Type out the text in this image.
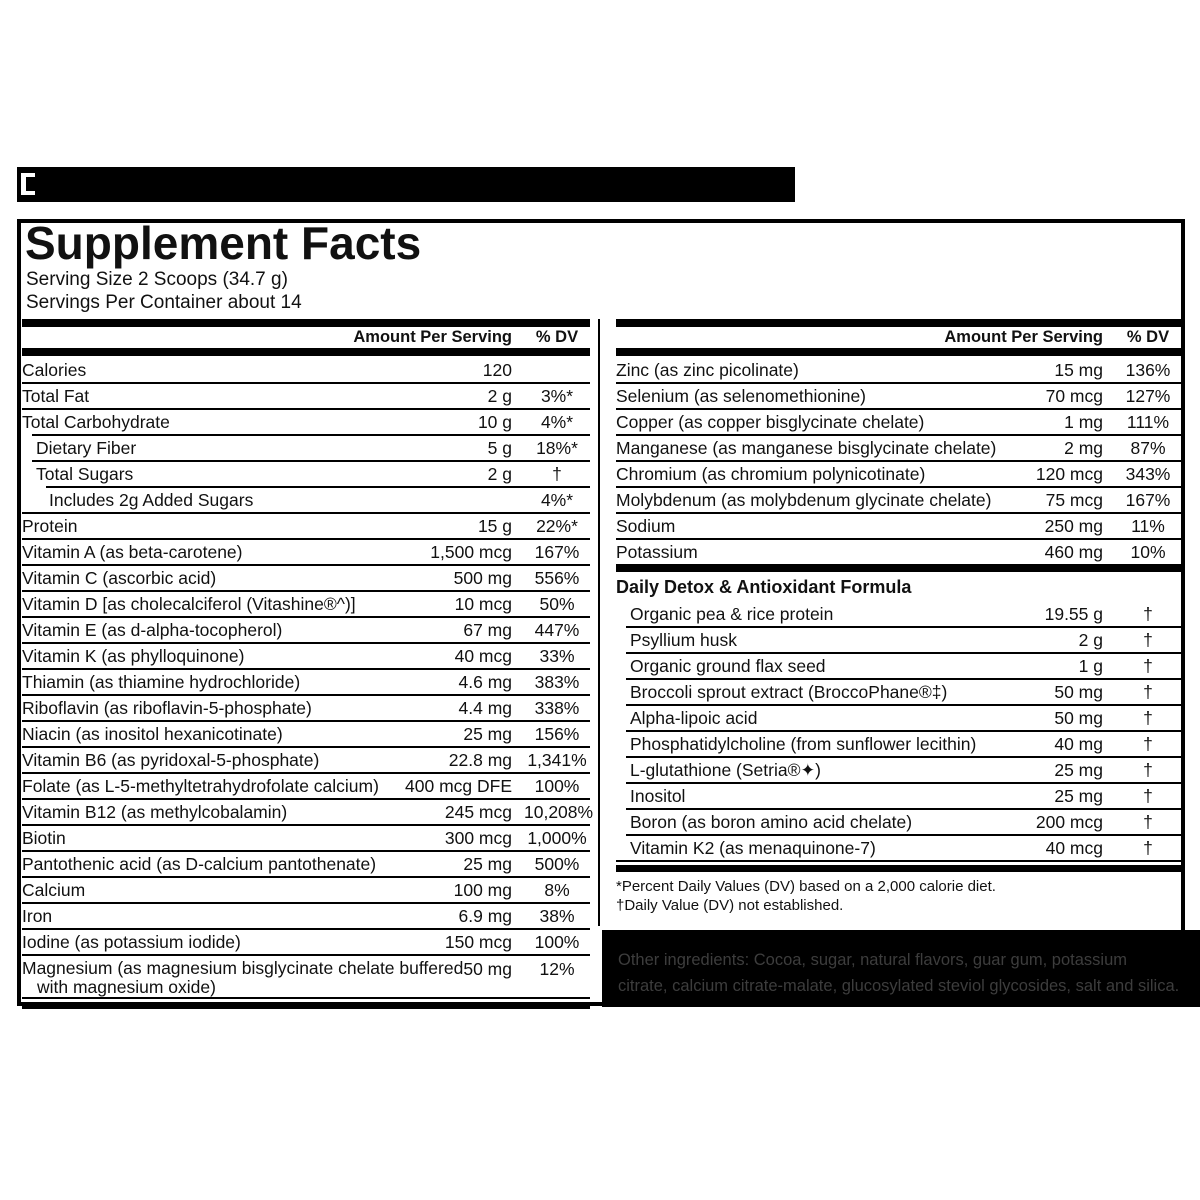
Supplement Facts
Serving Size 2 Scoops (34.7 g)
Servings Per Container about 14
Amount Per Serving	% DV
Calories	120
Total Fat	2 g	3%*
Total Carbohydrate	10 g	4%*
Dietary Fiber	5 g	18%*
Total Sugars	2 g	†
Includes 2g Added Sugars	4%*
Protein	15 g	22%*
Vitamin A (as beta-carotene)	1,500 mcg	167%
Vitamin C (ascorbic acid)	500 mg	556%
Vitamin D [as cholecalciferol (Vitashine®^)]	10 mcg	50%
Vitamin E (as d-alpha-tocopherol)	67 mg	447%
Vitamin K (as phylloquinone)	40 mcg	33%
Thiamin (as thiamine hydrochloride)	4.6 mg	383%
Riboflavin (as riboflavin-5-phosphate)	4.4 mg	338%
Niacin (as inositol hexanicotinate)	25 mg	156%
Vitamin B6 (as pyridoxal-5-phosphate)	22.8 mg 1,341%
Folate (as L-5-methyltetrahydrofolate calcium)	400 mcg DFE	100%
Vitamin B12 (as methylcobalamin)	245 mcg 10,208%
Biotin	300 mcg 1,000%
Pantothenic acid (as D-calcium pantothenate)	25 mg	500%
Calcium	100 mg	8%
Iron	6.9 mg	38%
Iodine (as potassium iodide)	150 mcg	100%
Magnesium (as magnesium bisglycinate chelate buffered with magnesium oxide)
50 mg	12%
Amount Per Serving	% DV
Zinc (as zinc picolinate)	15 mg	136%
Selenium (as selenomethionine)	70 mcg	127%
Copper (as copper bisglycinate chelate)	1 mg	111%
Manganese (as manganese bisglycinate chelate)	2 mg	87%
Chromium (as chromium polynicotinate)	120 mcg	343%
Molybdenum (as molybdenum glycinate chelate)	75 mcg	167%
Sodium	250 mg	11%
Potassium	460 mg	10%
Daily Detox & Antioxidant Formula
Organic pea & rice protein	19.55 g	†
Psyllium husk	2 g	†
Organic ground flax seed	1 g	†
Broccoli sprout extract (BroccoPhane®‡)	50 mg	†
Alpha-lipoic acid	50 mg	†
Phosphatidylcholine (from sunflower lecithin)	40 mg	†
L-glutathione (Setria®✦)	25 mg	†
Inositol	25 mg	†
Boron (as boron amino acid chelate)	200 mcg	†
Vitamin K2 (as menaquinone-7)	40 mcg	†
*Percent Daily Values (DV) based on a 2,000 calorie diet.
†Daily Value (DV) not established.

Other ingredients: Cocoa, sugar, natural flavors, guar gum, potassium citrate, calcium citrate-malate, glucosylated steviol glycosides, salt and silica.
